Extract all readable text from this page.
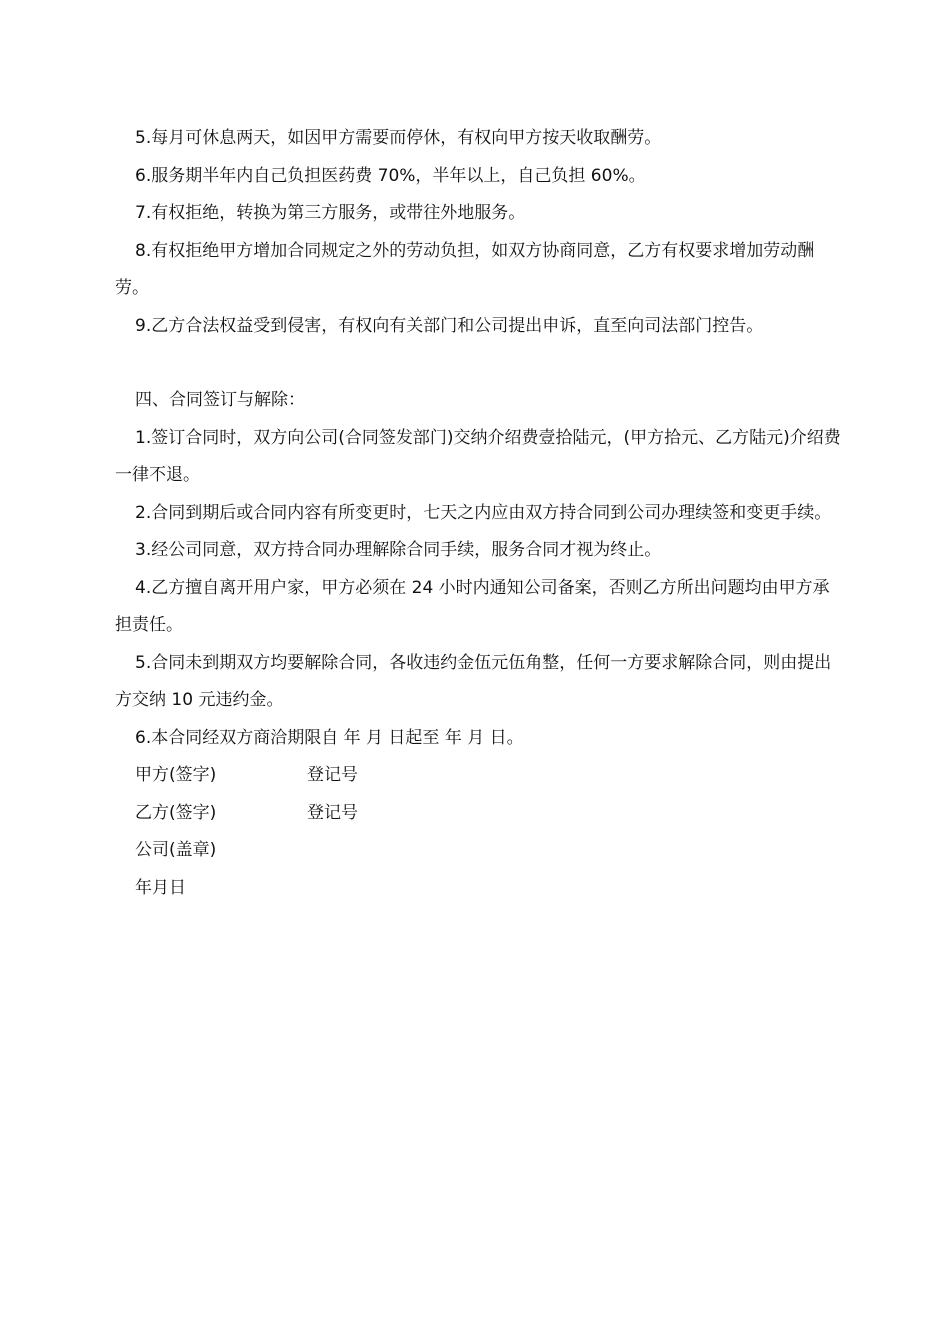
5.每月可休息两天，如因甲方需要而停休，有权向甲方按天收取酬劳。

6.服务期半年内自己负担医药费 70%，半年以上，自己负担 60%。

7.有权拒绝，转换为第三方服务，或带往外地服务。

8.有权拒绝甲方增加合同规定之外的劳动负担，如双方协商同意，乙方有权要求增加劳动酬劳。

9.乙方合法权益受到侵害，有权向有关部门和公司提出申诉，直至向司法部门控告。

四、合同签订与解除：

1.签订合同时，双方向公司(合同签发部门)交纳介绍费壹拾陆元，(甲方拾元、乙方陆元)介绍费一律不退。

2.合同到期后或合同内容有所变更时，七天之内应由双方持合同到公司办理续签和变更手续。

3.经公司同意，双方持合同办理解除合同手续，服务合同才视为终止。

4.乙方擅自离开用户家，甲方必须在 24 小时内通知公司备案，否则乙方所出问题均由甲方承担责任。

5.合同未到期双方均要解除合同，各收违约金伍元伍角整，任何一方要求解除合同，则由提出方交纳 10 元违约金。

6.本合同经双方商洽期限自 年 月 日起至 年 月 日。

甲方(签字)	登记号

乙方(签字)	登记号

公司(盖章)

年月日
